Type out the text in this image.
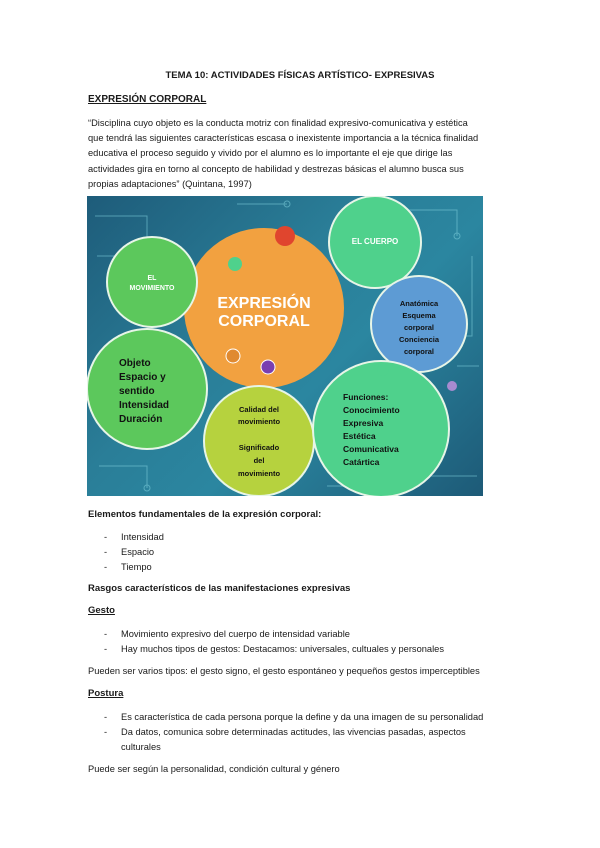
TEMA 10: ACTIVIDADES FÍSICAS ARTÍSTICO- EXPRESIVAS
EXPRESIÓN CORPORAL
“Disciplina cuyo objeto es la conducta motriz con finalidad expresivo-comunicativa y estética
que tendrá las siguientes características escasa o inexistente importancia a la técnica finalidad
educativa el proceso seguido y vivido por el alumno es lo importante el eje que dirige las
actividades gira en torno al concepto de habilidad y destrezas básicas el alumno busca sus
propias adaptaciones” (Quintana, 1997)
EL
MOVIMIENTO
EXPRESIÓN
CORPORAL
EL CUERPO
Anatómica
Esquema
corporal
Conciencia
corporal
Objeto
Espacio y
sentido
Intensidad
Duración
Calidad del
movimiento
Significado
del
movimiento
Funciones:
Conocimiento
Expresiva
Estética
Comunicativa
Catártica
Elementos fundamentales de la expresión corporal:
- Intensidad
- Espacio
- Tiempo
Rasgos característicos de las manifestaciones expresivas
Gesto
- Movimiento expresivo del cuerpo de intensidad variable
- Hay muchos tipos de gestos: Destacamos: universales, cultuales y personales
Pueden ser varios tipos: el gesto signo, el gesto espontáneo y pequeños gestos imperceptibles
Postura
- Es característica de cada persona porque la define y da una imagen de su personalidad
- Da datos, comunica sobre determinadas actitudes, las vivencias pasadas, aspectos culturales
Puede ser según la personalidad, condición cultural y género
